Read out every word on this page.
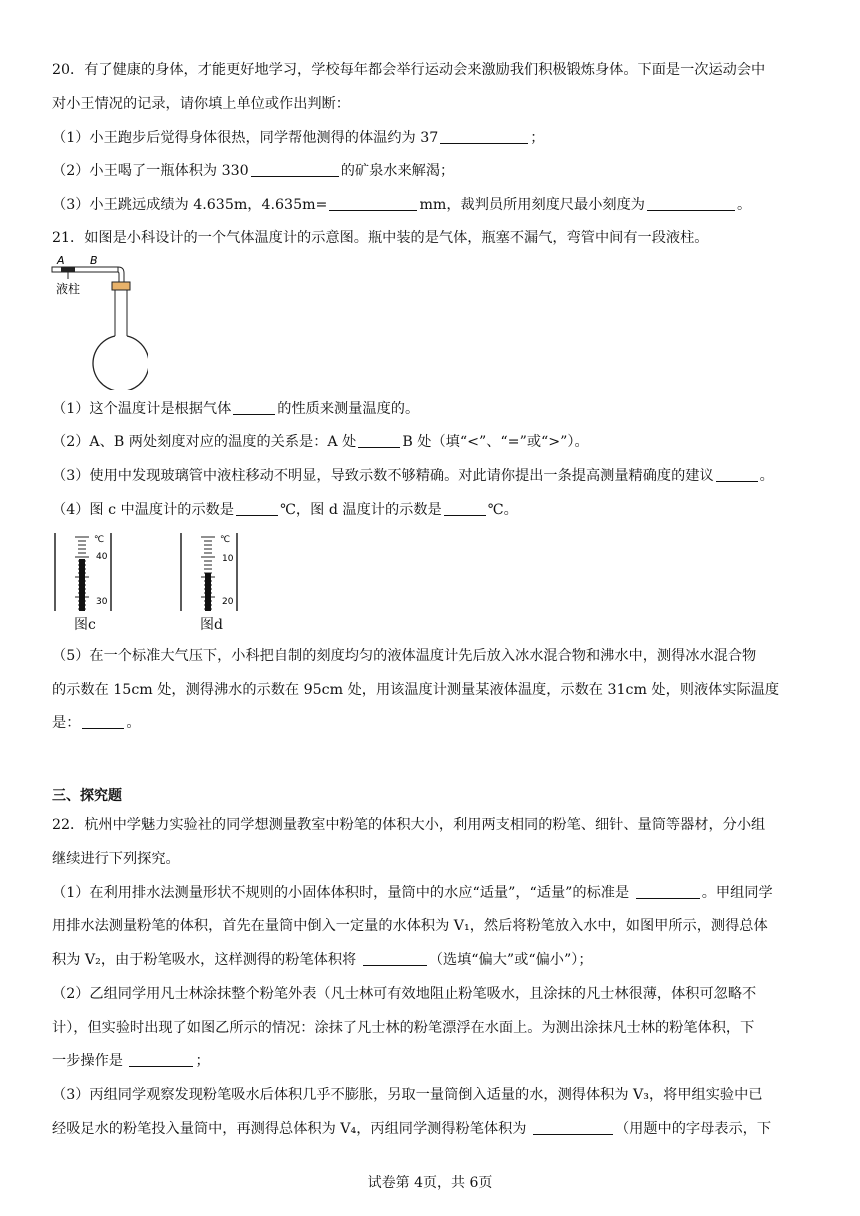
20．有了健康的身体，才能更好地学习，学校每年都会举行运动会来激励我们积极锻炼身体。下面是一次运动会中
对小王情况的记录，请你填上单位或作出判断：
（1）小王跑步后觉得身体很热，同学帮他测得的体温约为 37	；
（2）小王喝了一瓶体积为 330	的矿泉水来解渴；
（3）小王跳远成绩为 4.635m，4.635m=	mm，裁判员所用刻度尺最小刻度为	。
21．如图是小科设计的一个气体温度计的示意图。瓶中装的是气体，瓶塞不漏气，弯管中间有一段液柱。
A B
液柱
（1）这个温度计是根据气体	的性质来测量温度的。
（2）A、B 两处刻度对应的温度的关系是：A 处	B 处（填“<”、“=”或“>”）。
（3）使用中发现玻璃管中液柱移动不明显，导致示数不够精确。对此请你提出一条提高测量精确度的建议	。
（4）图 c 中温度计的示数是	℃，图 d 温度计的示数是	℃。
℃
40
30
图c
℃
10
20
图d
（5）在一个标准大气压下，小科把自制的刻度均匀的液体温度计先后放入冰水混合物和沸水中，测得冰水混合物
的示数在 15cm 处，测得沸水的示数在 95cm 处，用该温度计测量某液体温度，示数在 31cm 处，则液体实际温度
是：	。
三、探究题
22．杭州中学魅力实验社的同学想测量教室中粉笔的体积大小，利用两支相同的粉笔、细针、量筒等器材，分小组
继续进行下列探究。
（1）在利用排水法测量形状不规则的小固体体积时，量筒中的水应“适量”，“适量”的标准是	。甲组同学
用排水法测量粉笔的体积，首先在量筒中倒入一定量的水体积为 V₁，然后将粉笔放入水中，如图甲所示，测得总体
积为 V₂，由于粉笔吸水，这样测得的粉笔体积将	（选填“偏大”或“偏小”）；
（2）乙组同学用凡士林涂抹整个粉笔外表（凡士林可有效地阻止粉笔吸水，且涂抹的凡士林很薄，体积可忽略不
计），但实验时出现了如图乙所示的情况：涂抹了凡士林的粉笔漂浮在水面上。为测出涂抹凡士林的粉笔体积，下
一步操作是	；
（3）丙组同学观察发现粉笔吸水后体积几乎不膨胀，另取一量筒倒入适量的水，测得体积为 V₃，将甲组实验中已
经吸足水的粉笔投入量筒中，再测得总体积为 V₄，丙组同学测得粉笔体积为	（用题中的字母表示，下
试卷第 4页，共 6页
